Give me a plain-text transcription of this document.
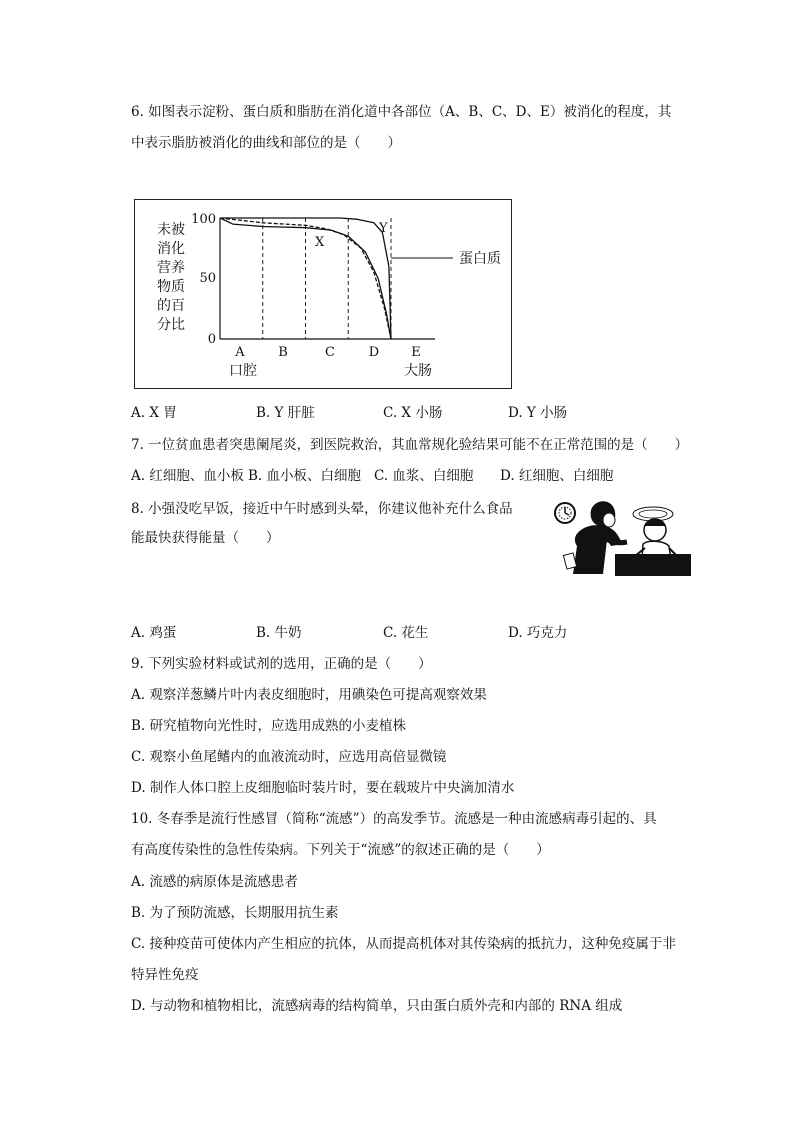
6. 如图表示淀粉、蛋白质和脂肪在消化道中各部位（A、B、C、D、E）被消化的程度，其
中表示脂肪被消化的曲线和部位的是（　　）
未被
消化
营养
物质
的百
分比
100
50
0
X
Y
A	B	C	D E
口腔	大肠
蛋白质
A. X 胃	B. Y 肝脏	C. X 小肠	D. Y 小肠
7. 一位贫血患者突患阑尾炎，到医院救治，其血常规化验结果可能不在正常范围的是（　　）
A. 红细胞、血小板 B. 血小板、白细胞 C. 血浆、白细胞 D. 红细胞、白细胞
8. 小强没吃早饭，接近中午时感到头晕，你建议他补充什么食品
能最快获得能量（　　）
A. 鸡蛋	B. 牛奶	C. 花生	D. 巧克力
9. 下列实验材料或试剂的选用，正确的是（　　）
A. 观察洋葱鳞片叶内表皮细胞时，用碘染色可提高观察效果
B. 研究植物向光性时，应选用成熟的小麦植株
C. 观察小鱼尾鳍内的血液流动时，应选用高倍显微镜
D. 制作人体口腔上皮细胞临时装片时，要在载玻片中央滴加清水
10. 冬春季是流行性感冒（简称“流感”）的高发季节。流感是一种由流感病毒引起的、具
有高度传染性的急性传染病。下列关于“流感”的叙述正确的是（　　）
A. 流感的病原体是流感患者
B. 为了预防流感，长期服用抗生素
C. 接种疫苗可使体内产生相应的抗体，从而提高机体对其传染病的抵抗力，这种免疫属于非
特异性免疫
D. 与动物和植物相比，流感病毒的结构简单，只由蛋白质外壳和内部的 RNA 组成
